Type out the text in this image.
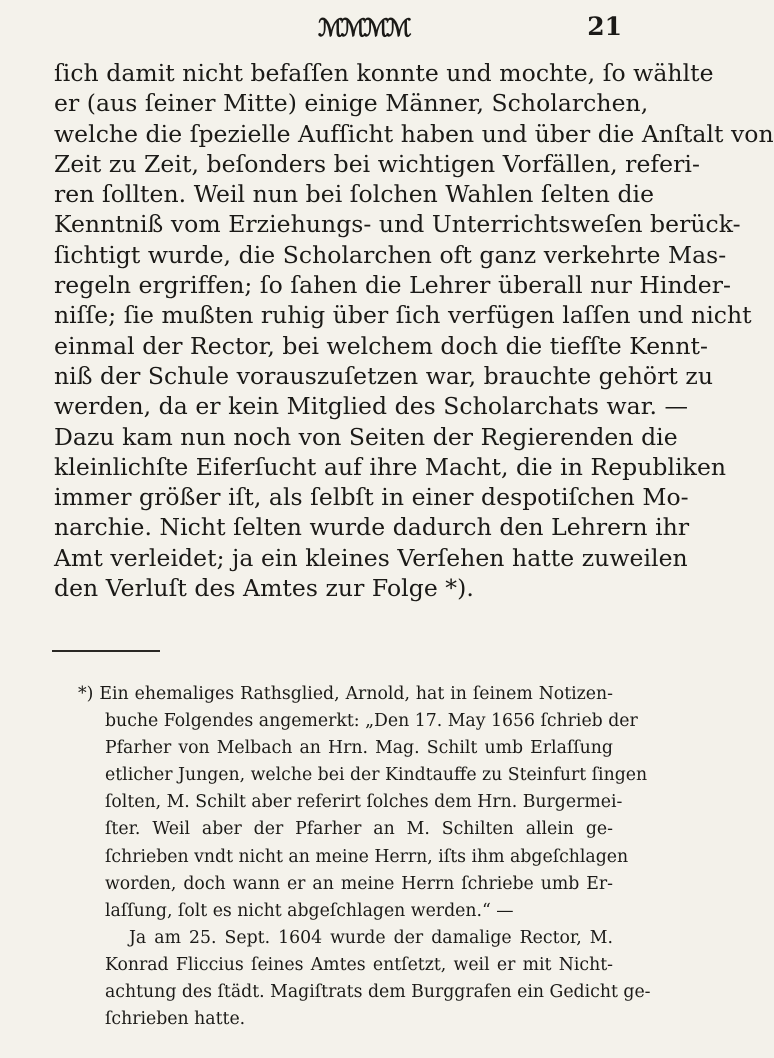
ℳℳℳℳ	21
ſich damit nicht befaſſen konnte und mochte, ſo wählte
er (aus ſeiner Mitte) einige Männer, Scholarchen,
welche die ſpezielle Aufſicht haben und über die Anſtalt von
Zeit zu Zeit, beſonders bei wichtigen Vorfällen, referi-
ren ſollten. Weil nun bei ſolchen Wahlen ſelten die
Kenntniß vom Erziehungs- und Unterrichtsweſen berück-
ſichtigt wurde, die Scholarchen oft ganz verkehrte Mas-
regeln ergriffen; ſo ſahen die Lehrer überall nur Hinder-
niſſe; ſie mußten ruhig über ſich verfügen laſſen und nicht
einmal der Rector, bei welchem doch die tiefſte Kennt-
niß der Schule vorauszuſetzen war, brauchte gehört zu
werden, da er kein Mitglied des Scholarchats war. —
Dazu kam nun noch von Seiten der Regierenden die
kleinlichſte Eiferſucht auf ihre Macht, die in Republiken
immer größer iſt, als ſelbſt in einer despotiſchen Mo-
narchie. Nicht ſelten wurde dadurch den Lehrern ihr
Amt verleidet; ja ein kleines Verſehen hatte zuweilen
den Verluſt des Amtes zur Folge *).
*) Ein ehemaliges Rathsglied, Arnold, hat in ſeinem Notizen-
buche Folgendes angemerkt: „Den 17. May 1656 ſchrieb der
Pfarher von Melbach an Hrn. Mag. Schilt umb Erlaſſung
etlicher Jungen, welche bei der Kindtauffe zu Steinfurt ſingen
ſolten, M. Schilt aber referirt ſolches dem Hrn. Burgermei-
ſter. Weil aber der Pfarher an M. Schilten allein ge-
ſchrieben vndt nicht an meine Herrn, iſts ihm abgeſchlagen
worden, doch wann er an meine Herrn ſchriebe umb Er-
laſſung, ſolt es nicht abgeſchlagen werden.“ —
Ja am 25. Sept. 1604 wurde der damalige Rector, M.
Konrad Fliccius ſeines Amtes entſetzt, weil er mit Nicht-
achtung des ſtädt. Magiſtrats dem Burggrafen ein Gedicht ge-
ſchrieben hatte.
